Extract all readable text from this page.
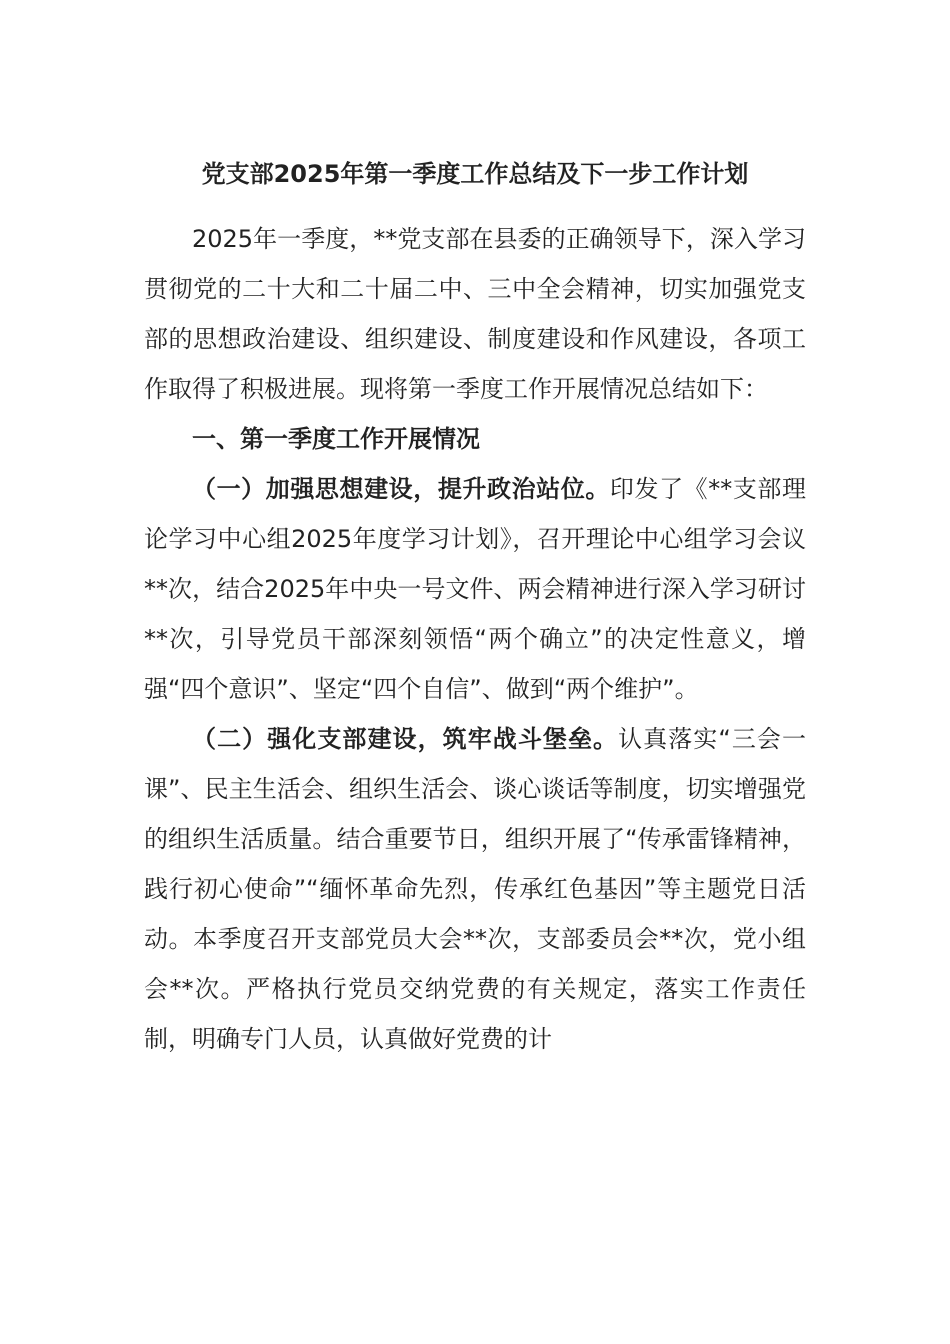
党支部2025年第一季度工作总结及下一步工作计划

2025年一季度，**党支部在县委的正确领导下，深入学习贯彻党的二十大和二十届二中、三中全会精神，切实加强党支部的思想政治建设、组织建设、制度建设和作风建设，各项工作取得了积极进展。现将第一季度工作开展情况总结如下：

一、第一季度工作开展情况

（一）加强思想建设，提升政治站位。印发了《**支部理论学习中心组2025年度学习计划》，召开理论中心组学习会议**次，结合2025年中央一号文件、两会精神进行深入学习研讨**次，引导党员干部深刻领悟“两个确立”的决定性意义，增强“四个意识”、坚定“四个自信”、做到“两个维护”。

（二）强化支部建设，筑牢战斗堡垒。认真落实“三会一课”、民主生活会、组织生活会、谈心谈话等制度，切实增强党的组织生活质量。结合重要节日，组织开展了“传承雷锋精神，践行初心使命”“缅怀革命先烈，传承红色基因”等主题党日活动。本季度召开支部党员大会**次，支部委员会**次，党小组会**次。严格执行党员交纳党费的有关规定，落实工作责任制，明确专门人员，认真做好党费的计
